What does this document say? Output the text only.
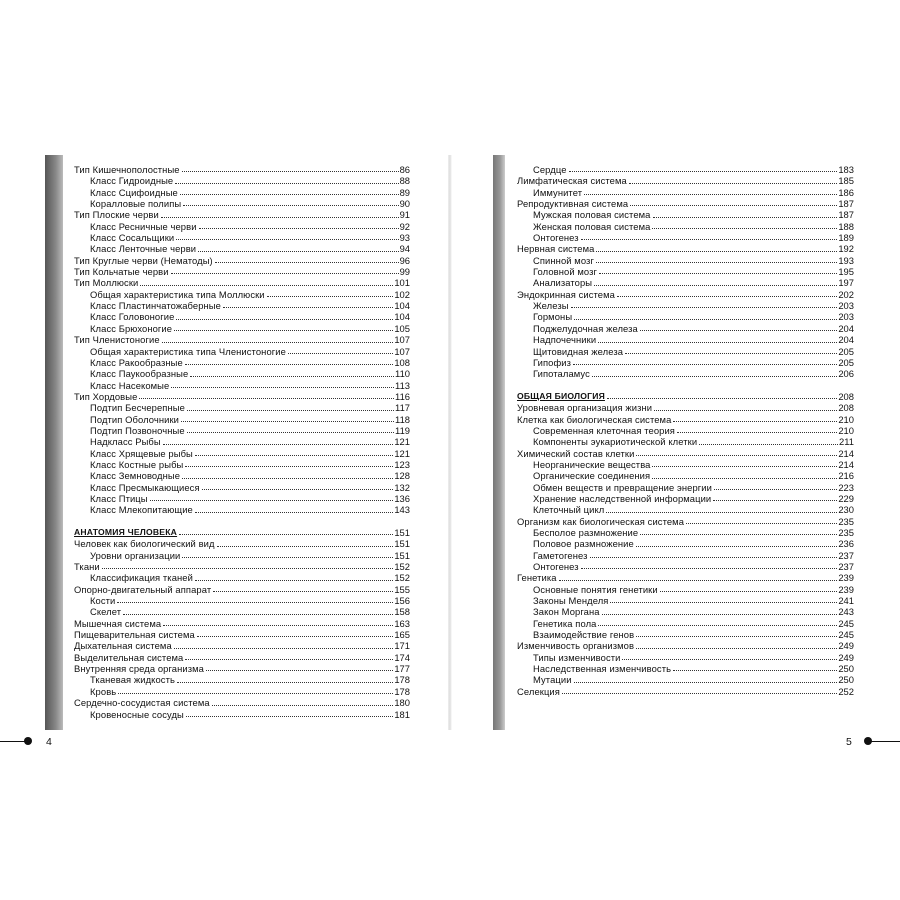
Тип Кишечнополостные	86
Класс Гидроидные	88
Класс Сцифоидные	89
Коралловые полипы	90
Тип Плоские черви	91
Класс Ресничные черви	92
Класс Сосальщики	93
Класс Ленточные черви	94
Тип Круглые черви (Нематоды)	96
Тип Кольчатые черви	99
Тип Моллюски	101
Общая характеристика типа Моллюски	102
Класс Пластинчатожаберные	104
Класс Головоногие	104
Класс Брюхоногие	105
Тип Членистоногие	107
Общая характеристика типа Членистоногие	107
Класс Ракообразные	108
Класс Паукообразные	110
Класс Насекомые	113
Тип Хордовые	116
Подтип Бесчерепные	117
Подтип Оболочники	118
Подтип Позвоночные	119
Надкласс Рыбы	121
Класс Хрящевые рыбы	121
Класс Костные рыбы	123
Класс Земноводные	128
Класс Пресмыкающиеся	132
Класс Птицы	136
Класс Млекопитающие	143
АНАТОМИЯ ЧЕЛОВЕКА	151
Человек как биологический вид	151
Уровни организации	151
Ткани	152
Классификация тканей	152
Опорно-двигательный аппарат	155
Кости	156
Скелет	158
Мышечная система	163
Пищеварительная система	165
Дыхательная система	171
Выделительная система	174
Внутренняя среда организма	177
Тканевая жидкость	178
Кровь	178
Сердечно-сосудистая система	180
Кровеносные сосуды	181
Сердце	183
Лимфатическая система	185
Иммунитет	186
Репродуктивная система	187
Мужская половая система	187
Женская половая система	188
Онтогенез	189
Нервная система	192
Спинной мозг	193
Головной мозг	195
Анализаторы	197
Эндокринная система	202
Железы	203
Гормоны	203
Поджелудочная железа	204
Надпочечники	204
Щитовидная железа	205
Гипофиз	205
Гипоталамус	206
ОБЩАЯ БИОЛОГИЯ	208
Уровневая организация жизни	208
Клетка как биологическая система	210
Современная клеточная теория	210
Компоненты эукариотической клетки	211
Химический состав клетки	214
Неорганические вещества	214
Органические соединения	216
Обмен веществ и превращение энергии	223
Хранение наследственной информации	229
Клеточный цикл	230
Организм как биологическая система	235
Бесполое размножение	235
Половое размножение	236
Гаметогенез	237
Онтогенез	237
Генетика	239
Основные понятия генетики	239
Законы Менделя	241
Закон Моргана	243
Генетика пола	245
Взаимодействие генов	245
Изменчивость организмов	249
Типы изменчивости	249
Наследственная изменчивость	250
Мутации	250
Селекция	252
4	5
